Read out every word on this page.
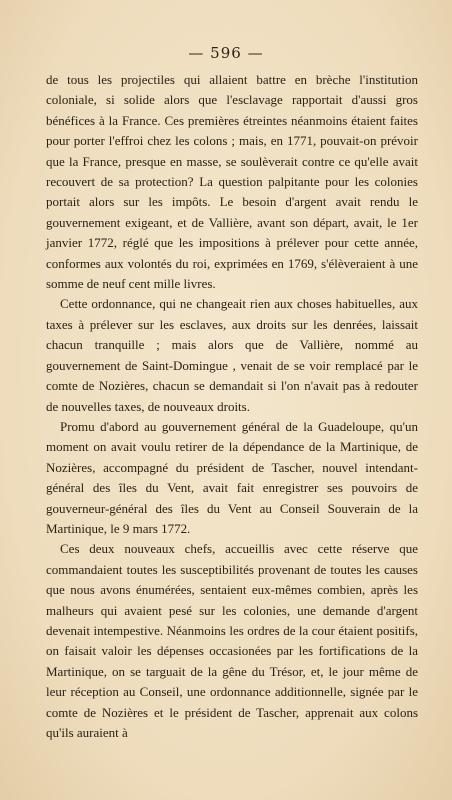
— 596 —

de tous les projectiles qui allaient battre en brèche l'institution coloniale, si solide alors que l'esclavage rapportait d'aussi gros bénéfices à la France. Ces premières étreintes néanmoins étaient faites pour porter l'effroi chez les colons ; mais, en 1771, pouvait-on prévoir que la France, presque en masse, se soulèverait contre ce qu'elle avait recouvert de sa protection? La question palpitante pour les colonies portait alors sur les impôts. Le besoin d'argent avait rendu le gouvernement exigeant, et de Vallière, avant son départ, avait, le 1er janvier 1772, réglé que les impositions à prélever pour cette année, conformes aux volontés du roi, exprimées en 1769, s'élèveraient à une somme de neuf cent mille livres.

Cette ordonnance, qui ne changeait rien aux choses habituelles, aux taxes à prélever sur les esclaves, aux droits sur les denrées, laissait chacun tranquille ; mais alors que de Vallière, nommé au gouvernement de Saint-Domingue , venait de se voir remplacé par le comte de Nozières, chacun se demandait si l'on n'avait pas à redouter de nouvelles taxes, de nouveaux droits.

Promu d'abord au gouvernement général de la Guadeloupe, qu'un moment on avait voulu retirer de la dépendance de la Martinique, de Nozières, accompagné du président de Tascher, nouvel intendant-général des îles du Vent, avait fait enregistrer ses pouvoirs de gouverneur-général des îles du Vent au Conseil Souverain de la Martinique, le 9 mars 1772.

Ces deux nouveaux chefs, accueillis avec cette réserve que commandaient toutes les susceptibilités provenant de toutes les causes que nous avons énumérées, sentaient eux-mêmes combien, après les malheurs qui avaient pesé sur les colonies, une demande d'argent devenait intempestive. Néanmoins les ordres de la cour étaient positifs, on faisait valoir les dépenses occasionées par les fortifications de la Martinique, on se targuait de la gêne du Trésor, et, le jour même de leur réception au Conseil, une ordonnance additionnelle, signée par le comte de Nozières et le président de Tascher, apprenait aux colons qu'ils auraient à
